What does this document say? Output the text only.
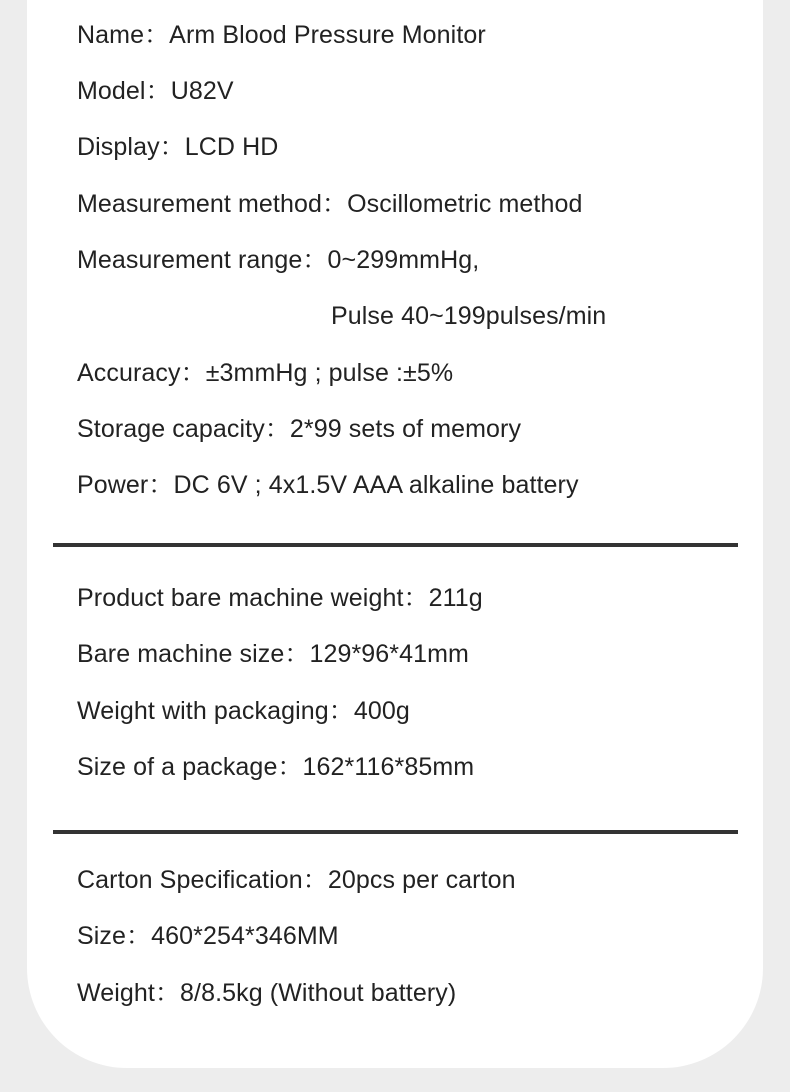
Name：Arm Blood Pressure Monitor
Model：U82V
Display：LCD HD
Measurement method：Oscillometric method
Measurement range：0~299mmHg,
Pulse 40~199pulses/min
Accuracy：±3mmHg ; pulse :±5%
Storage capacity：2*99 sets of memory
Power：DC 6V ; 4x1.5V AAA alkaline battery
Product bare machine weight：211g
Bare machine size：129*96*41mm
Weight with packaging：400g
Size of a package：162*116*85mm
Carton Specification：20pcs per carton
Size：460*254*346MM
Weight：8/8.5kg (Without battery)
